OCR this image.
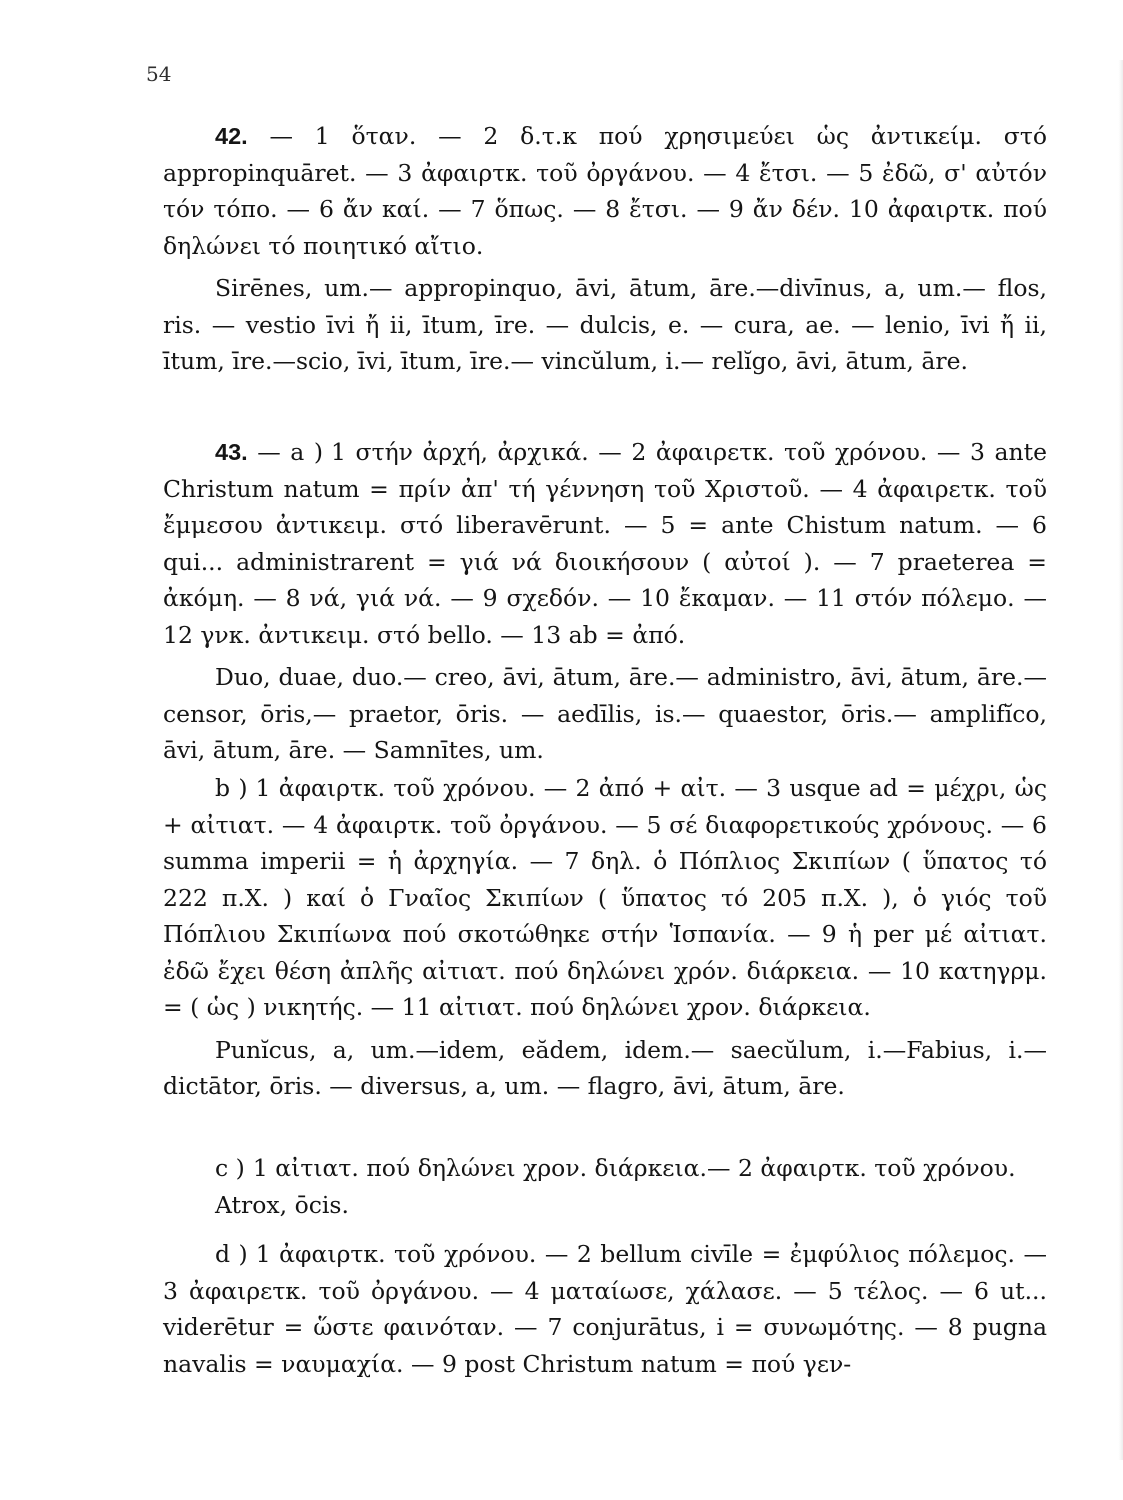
54

42. — 1 ὅταν. — 2 δ.τ.κ πού χρησιμεύει ὡς ἀντικείμ. στό appropinquāret. — 3 ἀφαιρτκ. τοῦ ὀργάνου. — 4 ἔτσι. — 5 ἐδῶ, σ' αὐτόν τόν τόπο. — 6 ἄν καί. — 7 ὅπως. — 8 ἔτσι. — 9 ἄν δέν. 10 ἀφαιρτκ. πού δηλώνει τό ποιητικό αἴτιο.

Sirēnes, um.— appropinquo, āvi, ātum, āre.—divīnus, a, um.— flos, ris. — vestio īvi ἤ ii, ītum, īre. — dulcis, e. — cura, ae. — lenio, īvi ἤ ii, ītum, īre.—scio, īvi, ītum, īre.— vincŭlum, i.— relĭgo, āvi, ātum, āre.

43. — a ) 1 στήν ἀρχή, ἀρχικά. — 2 ἀφαιρετκ. τοῦ χρόνου. — 3 ante Christum natum = πρίν ἀπ' τή γέννηση τοῦ Χριστοῦ. — 4 ἀφαιρετκ. τοῦ ἔμμεσου ἀντικειμ. στό liberavērunt. — 5 = ante Chistum natum. — 6 qui... administrarent = γιά νά διοικήσουν ( αὐτοί ). — 7 praeterea = ἀκόμη. — 8 νά, γιά νά. — 9 σχεδόν. — 10 ἔκαμαν. — 11 στόν πόλεμο. — 12 γνκ. ἀντικειμ. στό bello. — 13 ab = ἀπό.

Duo, duae, duo.— creo, āvi, ātum, āre.— administro, āvi, ātum, āre.— censor, ōris,— praetor, ōris. — aedīlis, is.— quaestor, ōris.— amplifĭco, āvi, ātum, āre. — Samnītes, um.

b ) 1 ἀφαιρτκ. τοῦ χρόνου. — 2 ἀπό + αἰτ. — 3 usque ad = μέχρι, ὡς + αἰτιατ. — 4 ἀφαιρτκ. τοῦ ὀργάνου. — 5 σέ διαφορετικούς χρόνους. — 6 summa imperii = ἡ ἀρχηγία. — 7 δηλ. ὁ Πόπλιος Σκιπίων ( ὕπατος τό 222 π.Χ. ) καί ὁ Γναῖος Σκιπίων ( ὕπατος τό 205 π.Χ. ), ὁ γιός τοῦ Πόπλιου Σκιπίωνα πού σκοτώθηκε στήν Ἱσπανία. — 9 ἡ per μέ αἰτιατ. ἐδῶ ἔχει θέση ἀπλῆς αἰτιατ. πού δηλώνει χρόν. διάρκεια. — 10 κατηγρμ. = ( ὡς ) νικητής. — 11 αἰτιατ. πού δηλώνει χρον. διάρκεια.

Punĭcus, a, um.—idem, eădem, idem.— saecŭlum, i.—Fabius, i.— dictātor, ōris. — diversus, a, um. — flagro, āvi, ātum, āre.

c ) 1 αἰτιατ. πού δηλώνει χρον. διάρκεια.— 2 ἀφαιρτκ. τοῦ χρόνου.

Atrox, ōcis.

d ) 1 ἀφαιρτκ. τοῦ χρόνου. — 2 bellum civīle = ἐμφύλιος πόλεμος. — 3 ἀφαιρετκ. τοῦ ὀργάνου. — 4 ματαίωσε, χάλασε. — 5 τέλος. — 6 ut... viderētur = ὥστε φαινόταν. — 7 conjurātus, i = συνωμότης. — 8 pugna navalis = ναυμαχία. — 9 post Christum natum = πού γεν-
